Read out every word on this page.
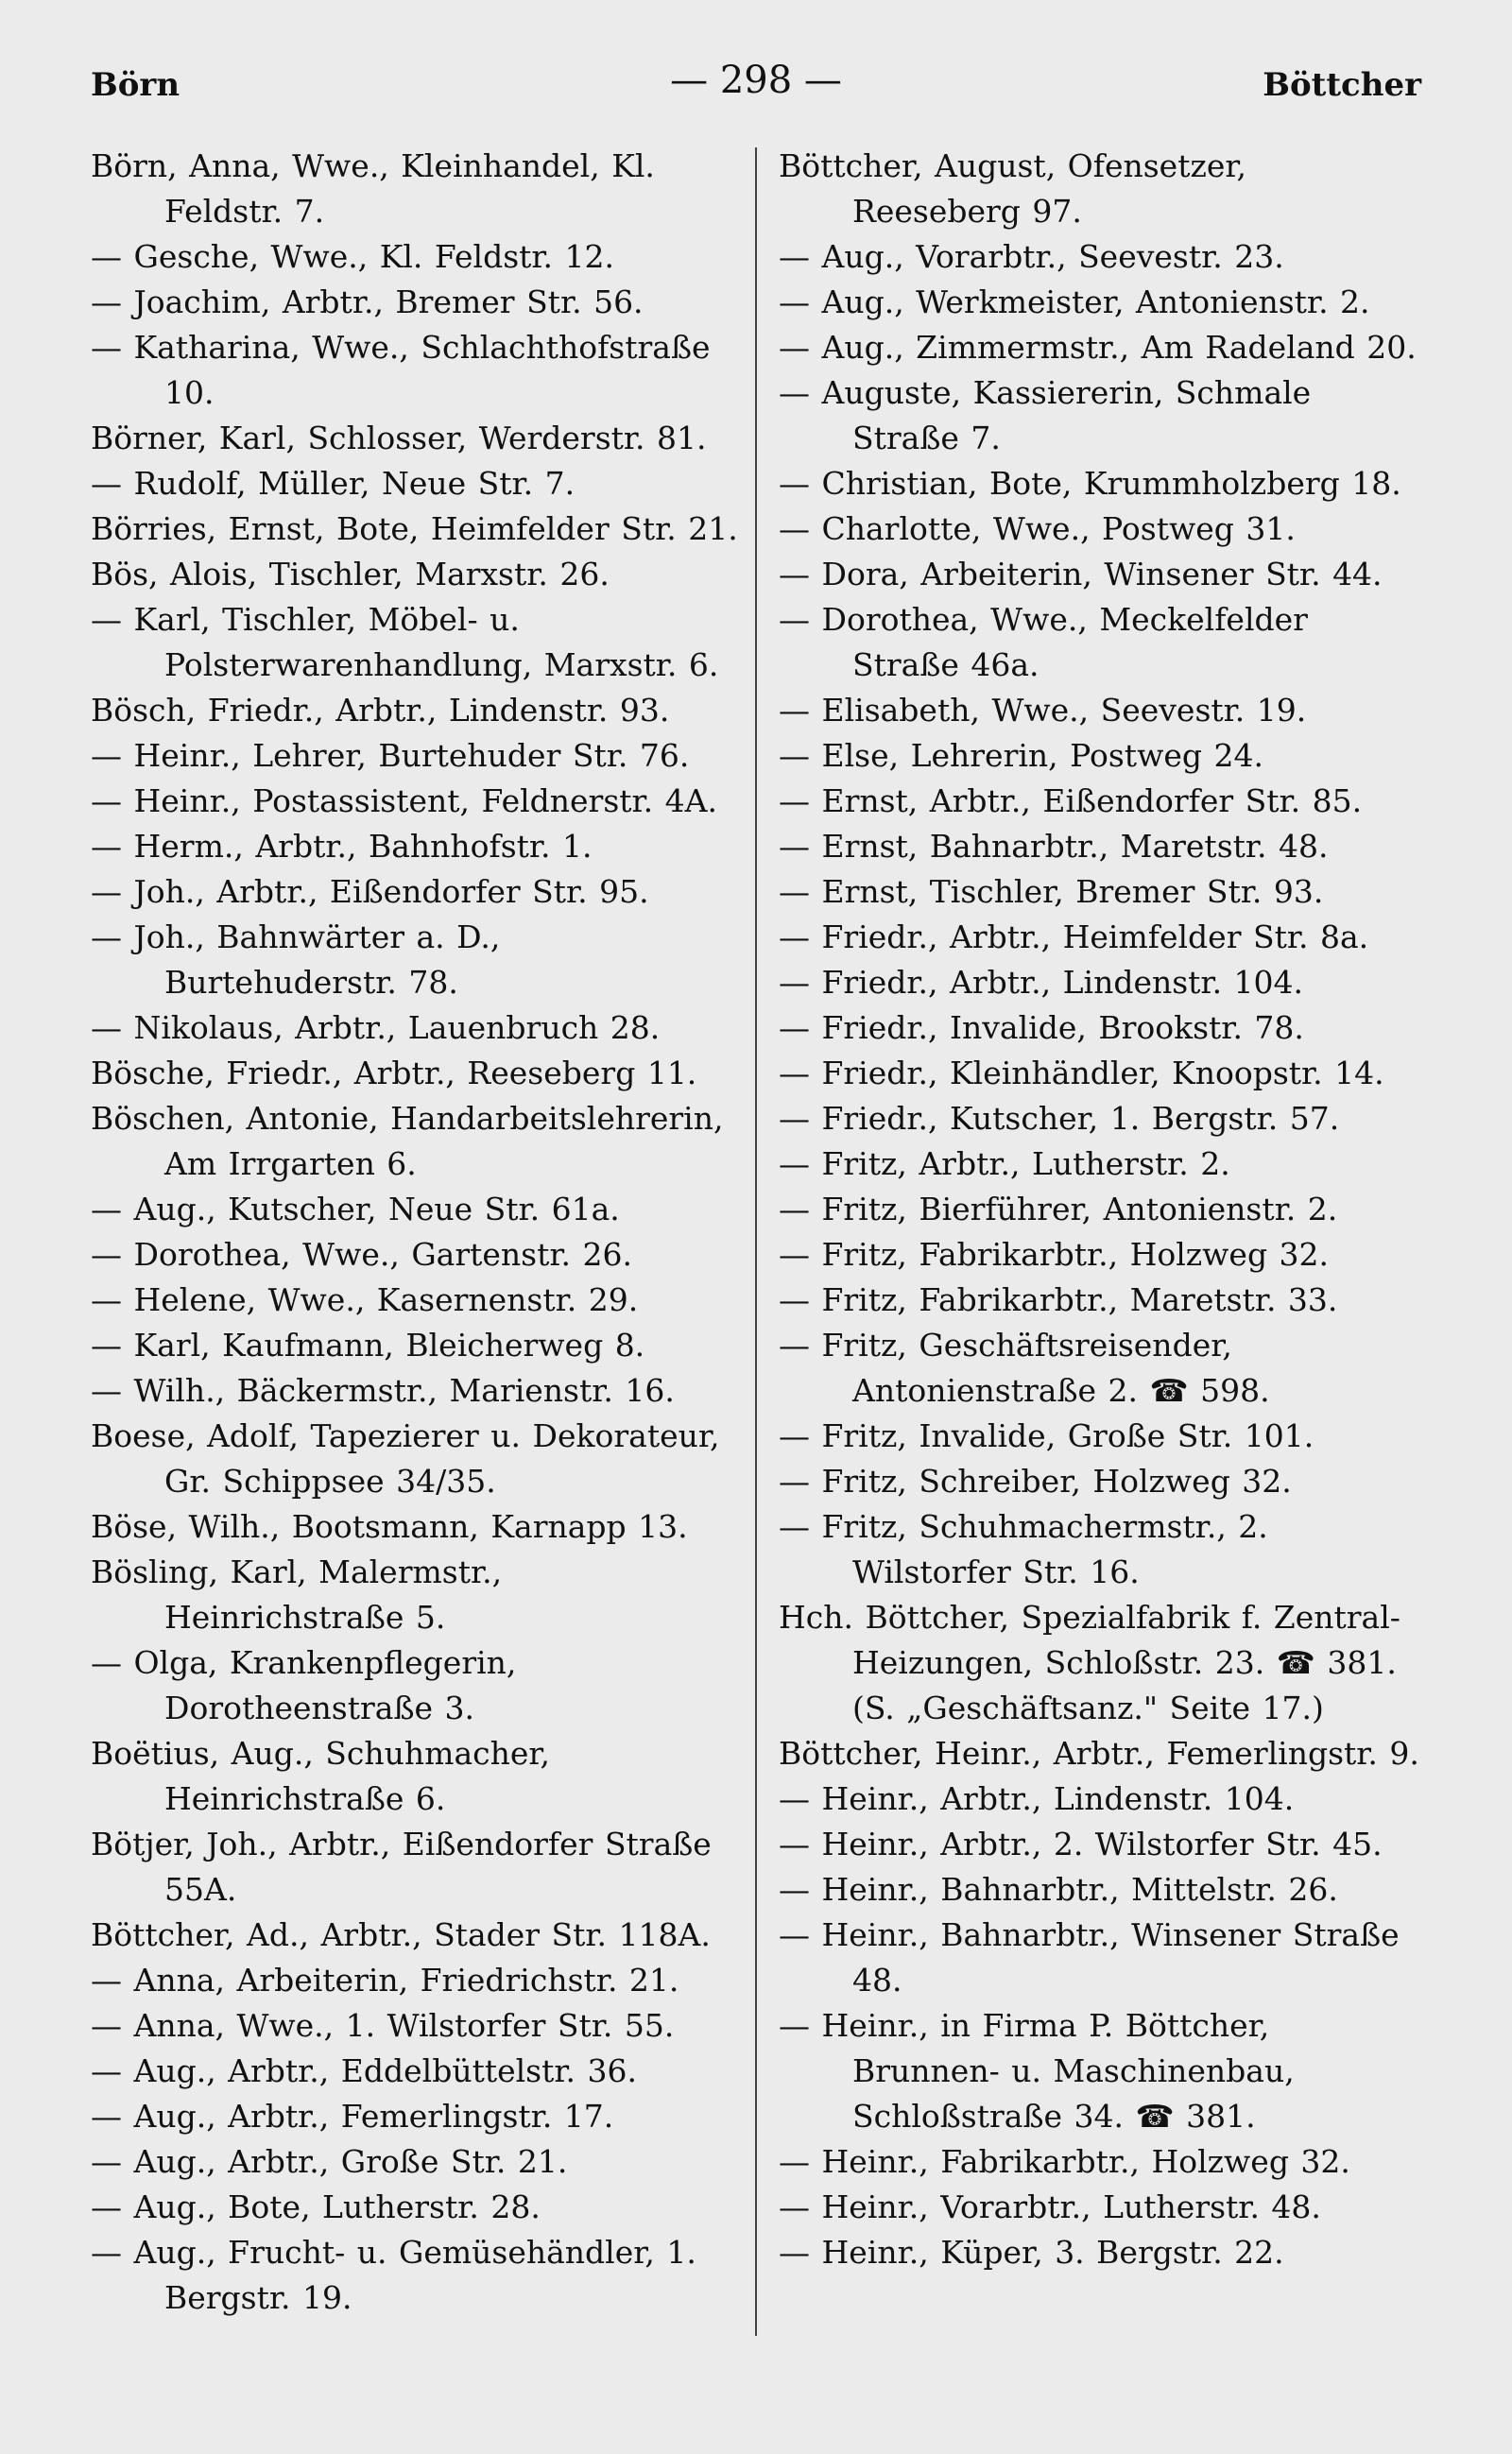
Börn	— 298 —	Böttcher

Börn, Anna, Wwe., Kleinhandel, Kl. Feldstr. 7.

— Gesche, Wwe., Kl. Feldstr. 12.

— Joachim, Arbtr., Bremer Str. 56.

— Katharina, Wwe., Schlachthofstraße 10.

Börner, Karl, Schlosser, Werderstr. 81.

— Rudolf, Müller, Neue Str. 7.

Börries, Ernst, Bote, Heimfelder Str. 21.

Bös, Alois, Tischler, Marxstr. 26.

— Karl, Tischler, Möbel- u. Polsterwarenhandlung, Marxstr. 6.

Bösch, Friedr., Arbtr., Lindenstr. 93.

— Heinr., Lehrer, Burtehuder Str. 76.

— Heinr., Postassistent, Feldnerstr. 4A.

— Herm., Arbtr., Bahnhofstr. 1.

— Joh., Arbtr., Eißendorfer Str. 95.

— Joh., Bahnwärter a. D., Burtehuderstr. 78.

— Nikolaus, Arbtr., Lauenbruch 28.

Bösche, Friedr., Arbtr., Reeseberg 11.

Böschen, Antonie, Handarbeitslehrerin, Am Irrgarten 6.

— Aug., Kutscher, Neue Str. 61a.

— Dorothea, Wwe., Gartenstr. 26.

— Helene, Wwe., Kasernenstr. 29.

— Karl, Kaufmann, Bleicherweg 8.

— Wilh., Bäckermstr., Marienstr. 16.

Boese, Adolf, Tapezierer u. Dekorateur, Gr. Schippsee 34/35.

Böse, Wilh., Bootsmann, Karnapp 13.

Bösling, Karl, Malermstr., Heinrichstraße 5.

— Olga, Krankenpflegerin, Dorotheenstraße 3.

Boëtius, Aug., Schuhmacher, Heinrichstraße 6.

Bötjer, Joh., Arbtr., Eißendorfer Straße 55A.

Böttcher, Ad., Arbtr., Stader Str. 118A.

— Anna, Arbeiterin, Friedrichstr. 21.

— Anna, Wwe., 1. Wilstorfer Str. 55.

— Aug., Arbtr., Eddelbüttelstr. 36.

— Aug., Arbtr., Femerlingstr. 17.

— Aug., Arbtr., Große Str. 21.

— Aug., Bote, Lutherstr. 28.

— Aug., Frucht- u. Gemüsehändler, 1. Bergstr. 19.

Böttcher, August, Ofensetzer, Reeseberg 97.

— Aug., Vorarbtr., Seevestr. 23.

— Aug., Werkmeister, Antonienstr. 2.

— Aug., Zimmermstr., Am Radeland 20.

— Auguste, Kassiererin, Schmale Straße 7.

— Christian, Bote, Krummholzberg 18.

— Charlotte, Wwe., Postweg 31.

— Dora, Arbeiterin, Winsener Str. 44.

— Dorothea, Wwe., Meckelfelder Straße 46a.

— Elisabeth, Wwe., Seevestr. 19.

— Else, Lehrerin, Postweg 24.

— Ernst, Arbtr., Eißendorfer Str. 85.

— Ernst, Bahnarbtr., Maretstr. 48.

— Ernst, Tischler, Bremer Str. 93.

— Friedr., Arbtr., Heimfelder Str. 8a.

— Friedr., Arbtr., Lindenstr. 104.

— Friedr., Invalide, Brookstr. 78.

— Friedr., Kleinhändler, Knoopstr. 14.

— Friedr., Kutscher, 1. Bergstr. 57.

— Fritz, Arbtr., Lutherstr. 2.

— Fritz, Bierführer, Antonienstr. 2.

— Fritz, Fabrikarbtr., Holzweg 32.

— Fritz, Fabrikarbtr., Maretstr. 33.

— Fritz, Geschäftsreisender, Antonienstraße 2. ☎ 598.

— Fritz, Invalide, Große Str. 101.

— Fritz, Schreiber, Holzweg 32.

— Fritz, Schuhmachermstr., 2. Wilstorfer Str. 16.

Hch. Böttcher, Spezialfabrik f. Zentral-Heizungen, Schloßstr. 23. ☎ 381. (S. „Geschäftsanz." Seite 17.)

Böttcher, Heinr., Arbtr., Femerlingstr. 9.

— Heinr., Arbtr., Lindenstr. 104.

— Heinr., Arbtr., 2. Wilstorfer Str. 45.

— Heinr., Bahnarbtr., Mittelstr. 26.

— Heinr., Bahnarbtr., Winsener Straße 48.

— Heinr., in Firma P. Böttcher, Brunnen- u. Maschinenbau, Schloßstraße 34. ☎ 381.

— Heinr., Fabrikarbtr., Holzweg 32.

— Heinr., Vorarbtr., Lutherstr. 48.

— Heinr., Küper, 3. Bergstr. 22.
